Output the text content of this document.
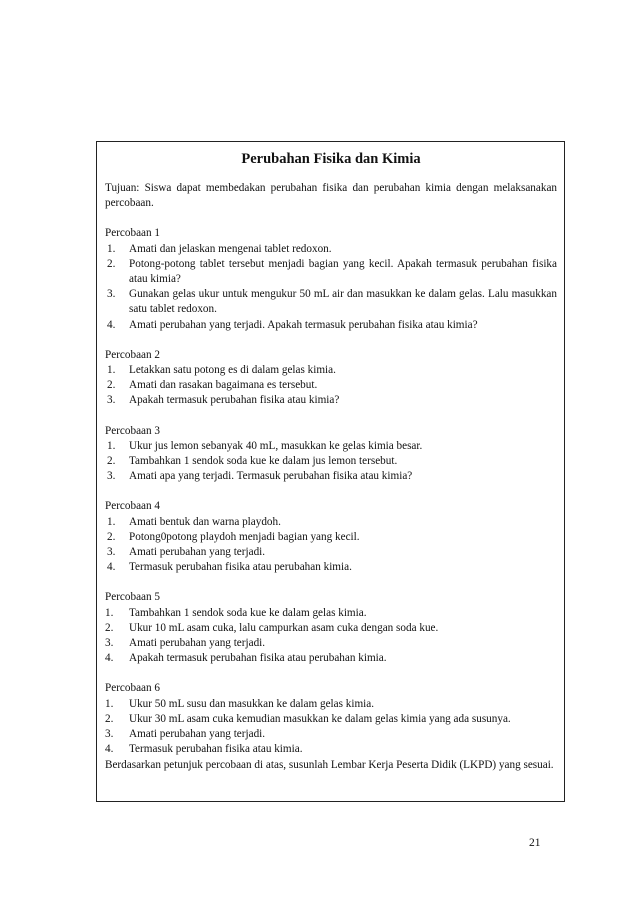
Perubahan Fisika dan Kimia

Tujuan: Siswa dapat membedakan perubahan fisika dan perubahan kimia dengan melaksanakan percobaan.

Percobaan 1

1. Amati dan jelaskan mengenai tablet redoxon.
2. Potong-potong tablet tersebut menjadi bagian yang kecil. Apakah termasuk perubahan fisika atau kimia?
3. Gunakan gelas ukur untuk mengukur 50 mL air dan masukkan ke dalam gelas. Lalu masukkan satu tablet redoxon.
4. Amati perubahan yang terjadi. Apakah termasuk perubahan fisika atau kimia?

Percobaan 2

1. Letakkan satu potong es di dalam gelas kimia.
2. Amati dan rasakan bagaimana es tersebut.
3. Apakah termasuk perubahan fisika atau kimia?

Percobaan 3

1. Ukur jus lemon sebanyak 40 mL, masukkan ke gelas kimia besar.
2. Tambahkan 1 sendok soda kue ke dalam jus lemon tersebut.
3. Amati apa yang terjadi. Termasuk perubahan fisika atau kimia?

Percobaan 4

1. Amati bentuk dan warna playdoh.
2. Potong0potong playdoh menjadi bagian yang kecil.
3. Amati perubahan yang terjadi.
4. Termasuk perubahan fisika atau perubahan kimia.

Percobaan 5

1. Tambahkan 1 sendok soda kue ke dalam gelas kimia.
2. Ukur 10 mL asam cuka, lalu campurkan asam cuka dengan soda kue.
3. Amati perubahan yang terjadi.
4. Apakah termasuk perubahan fisika atau perubahan kimia.

Percobaan 6

1. Ukur 50 mL susu dan masukkan ke dalam gelas kimia.
2. Ukur 30 mL asam cuka kemudian masukkan ke dalam gelas kimia yang ada susunya.
3. Amati perubahan yang terjadi.
4. Termasuk perubahan fisika atau kimia.

Berdasarkan petunjuk percobaan di atas, susunlah Lembar Kerja Peserta Didik (LKPD) yang sesuai.

21
